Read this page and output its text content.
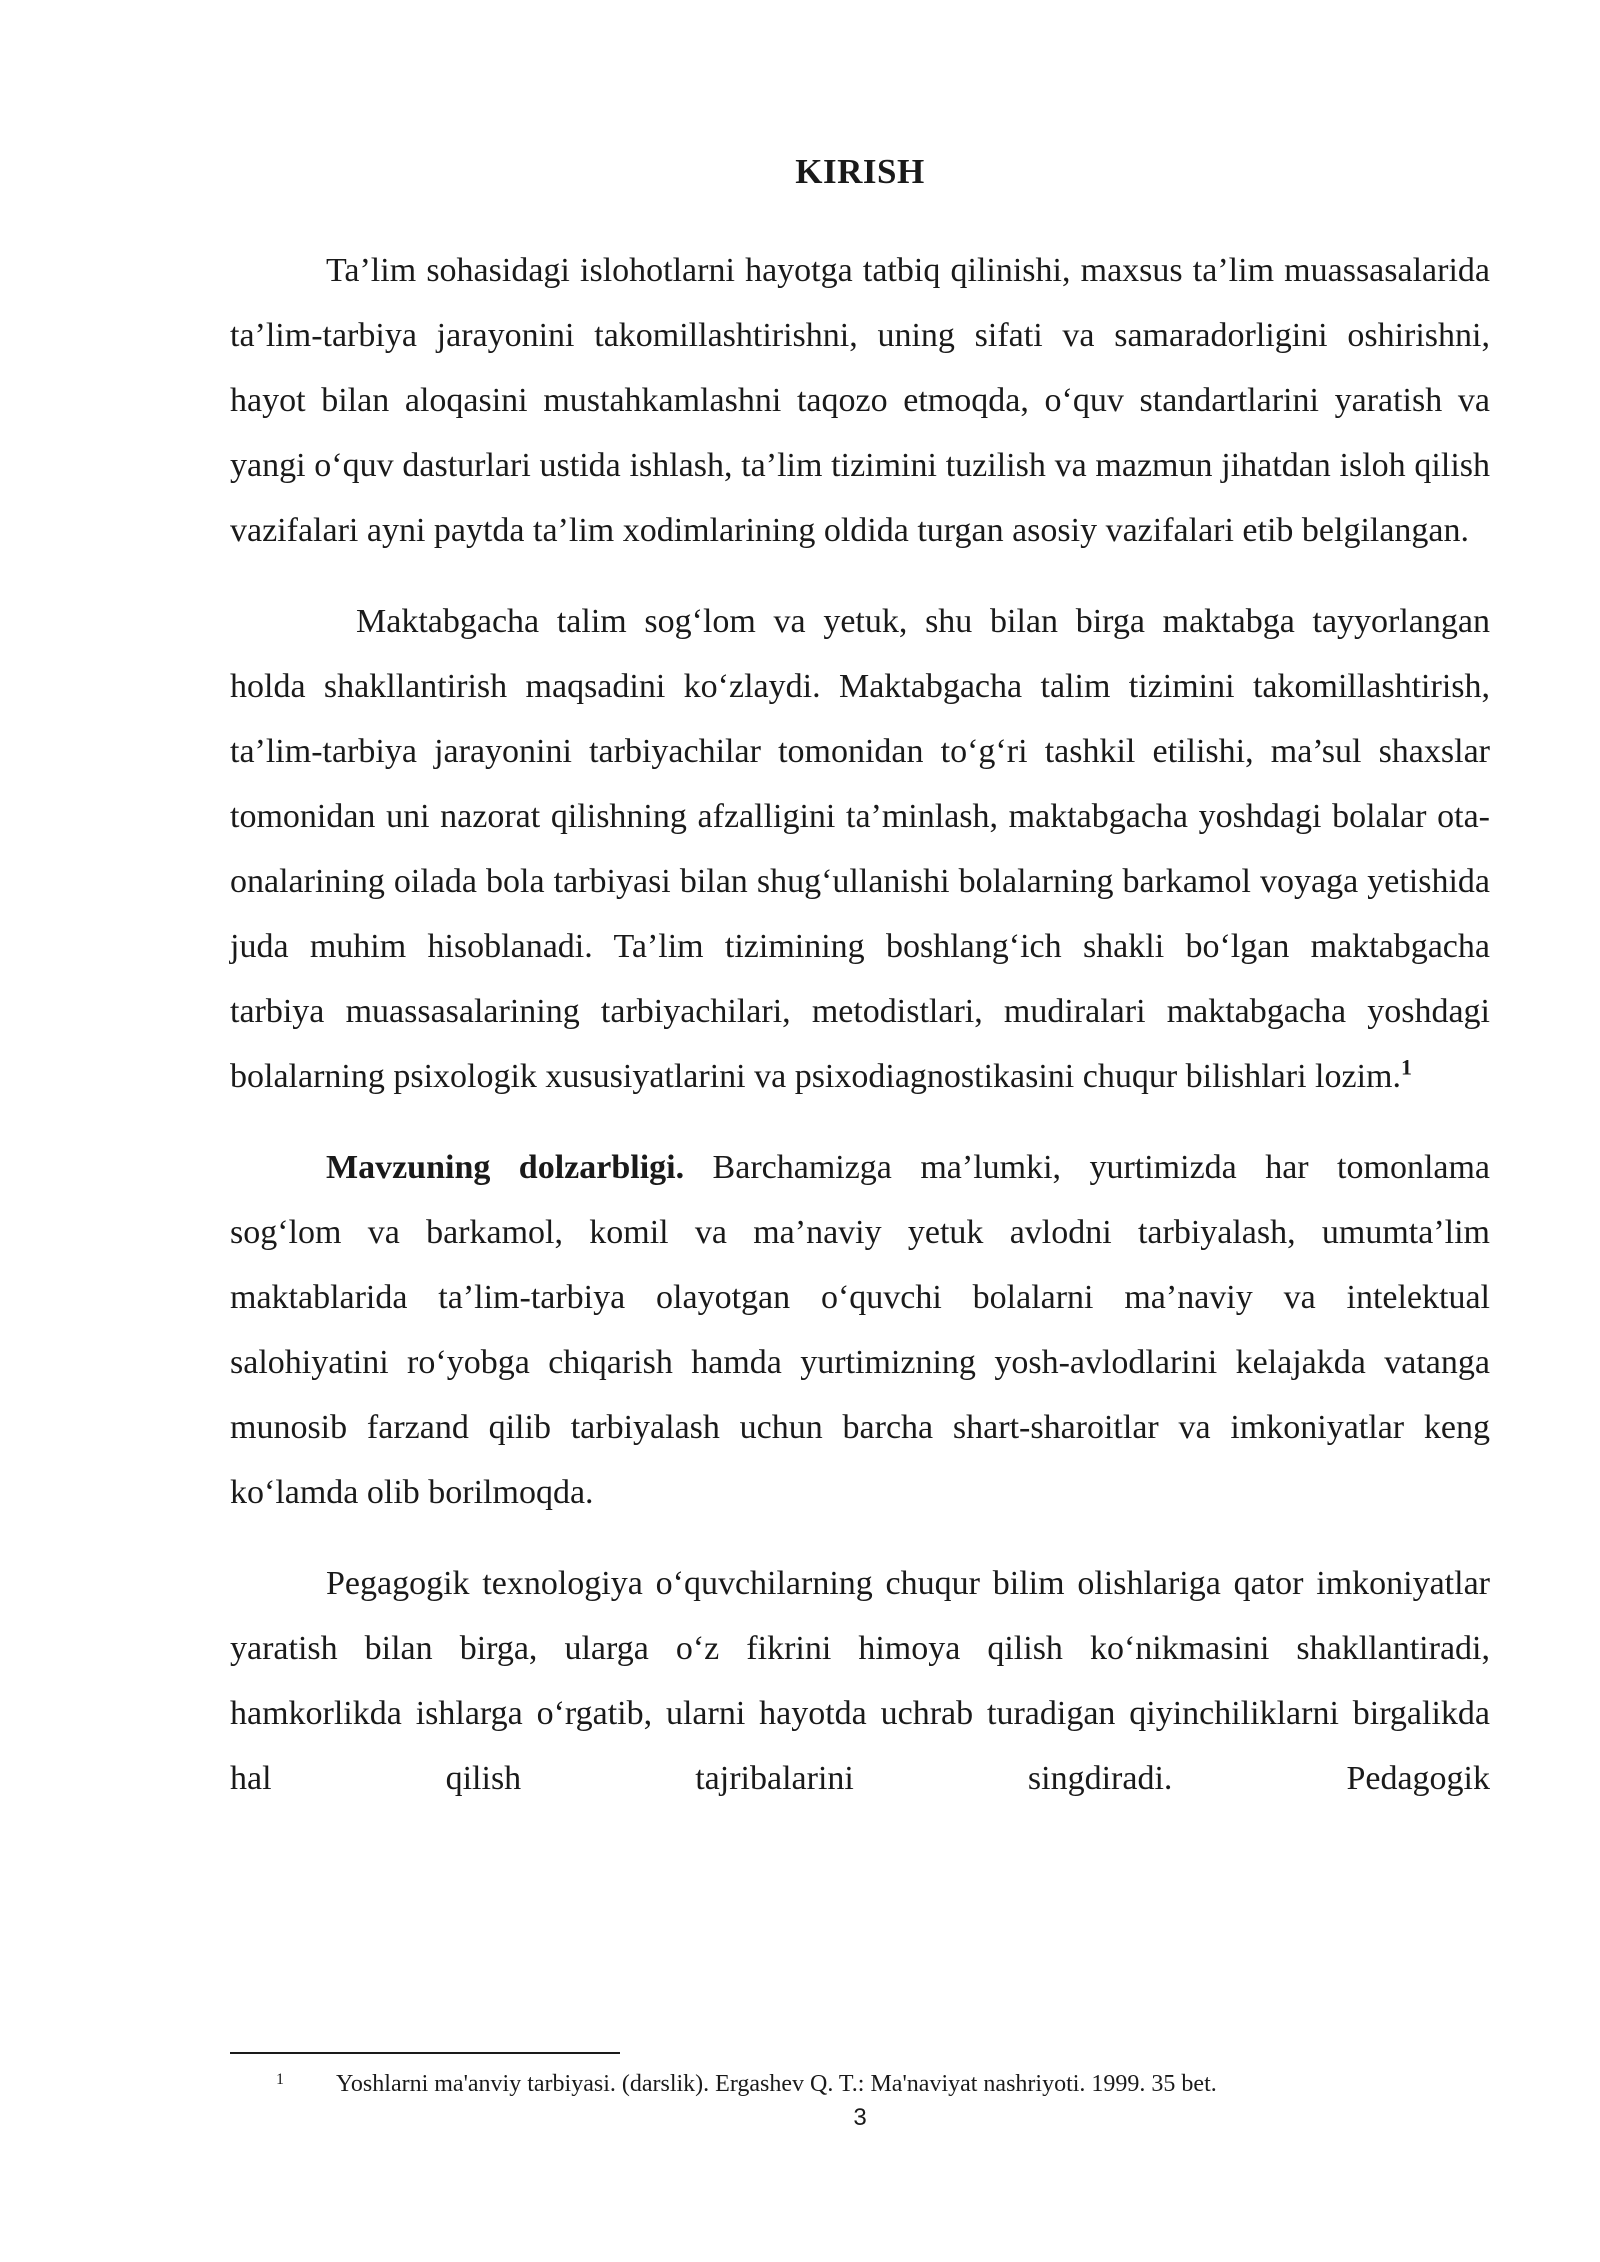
KIRISH

Ta’lim sohasidagi islohotlarni hayotga tatbiq qilinishi, maxsus ta’lim muassasalarida ta’lim-tarbiya jarayonini takomillashtirishni, uning sifati va samaradorligini oshirishni, hayot bilan aloqasini mustahkamlashni taqozo etmoqda, o‘quv standartlarini yaratish va yangi o‘quv dasturlari ustida ishlash, ta’lim tizimini tuzilish va mazmun jihatdan isloh qilish vazifalari ayni paytda ta’lim xodimlarining oldida turgan asosiy vazifalari etib belgilangan.

Maktabgacha talim sog‘lom va yetuk, shu bilan birga maktabga tayyorlangan holda shakllantirish maqsadini ko‘zlaydi. Maktabgacha talim tizimini takomillashtirish, ta’lim-tarbiya jarayonini tarbiyachilar tomonidan to‘g‘ri tashkil etilishi, ma’sul shaxslar tomonidan uni nazorat qilishning afzalligini ta’minlash, maktabgacha yoshdagi bolalar ota-onalarining oilada bola tarbiyasi bilan shug‘ullanishi bolalarning barkamol voyaga yetishida juda muhim hisoblanadi. Ta’lim tizimining boshlang‘ich shakli bo‘lgan maktabgacha tarbiya muassasalarining tarbiyachilari, metodistlari, mudiralari maktabgacha yoshdagi bolalarning psixologik xususiyatlarini va psixodiagnostikasini chuqur bilishlari lozim.$^1$

Mavzuning dolzarbligi. Barchamizga ma’lumki, yurtimizda har tomonlama sog‘lom va barkamol, komil va ma’naviy yetuk avlodni tarbiyalash, umumta’lim maktablarida ta’lim-tarbiya olayotgan o‘quvchi bolalarni ma’naviy va intelektual salohiyatini ro‘yobga chiqarish hamda yurtimizning yosh-avlodlarini kelajakda vatanga munosib farzand qilib tarbiyalash uchun barcha shart-sharoitlar va imkoniyatlar keng ko‘lamda olib borilmoqda.

Pegagogik texnologiya o‘quvchilarning chuqur bilim olishlariga qator imkoniyatlar yaratish bilan birga, ularga o‘z fikrini himoya qilish ko‘nikmasini shakllantiradi, hamkorlikda ishlarga o‘rgatib, ularni hayotda uchrab turadigan qiyinchiliklarni birgalikda hal qilish tajribalarini singdiradi. Pedagogik

1 Yoshlarni ma'anviy tarbiyasi. (darslik). Ergashev Q. T.: Ma'naviyat nashriyoti. 1999. 35 bet.
3
